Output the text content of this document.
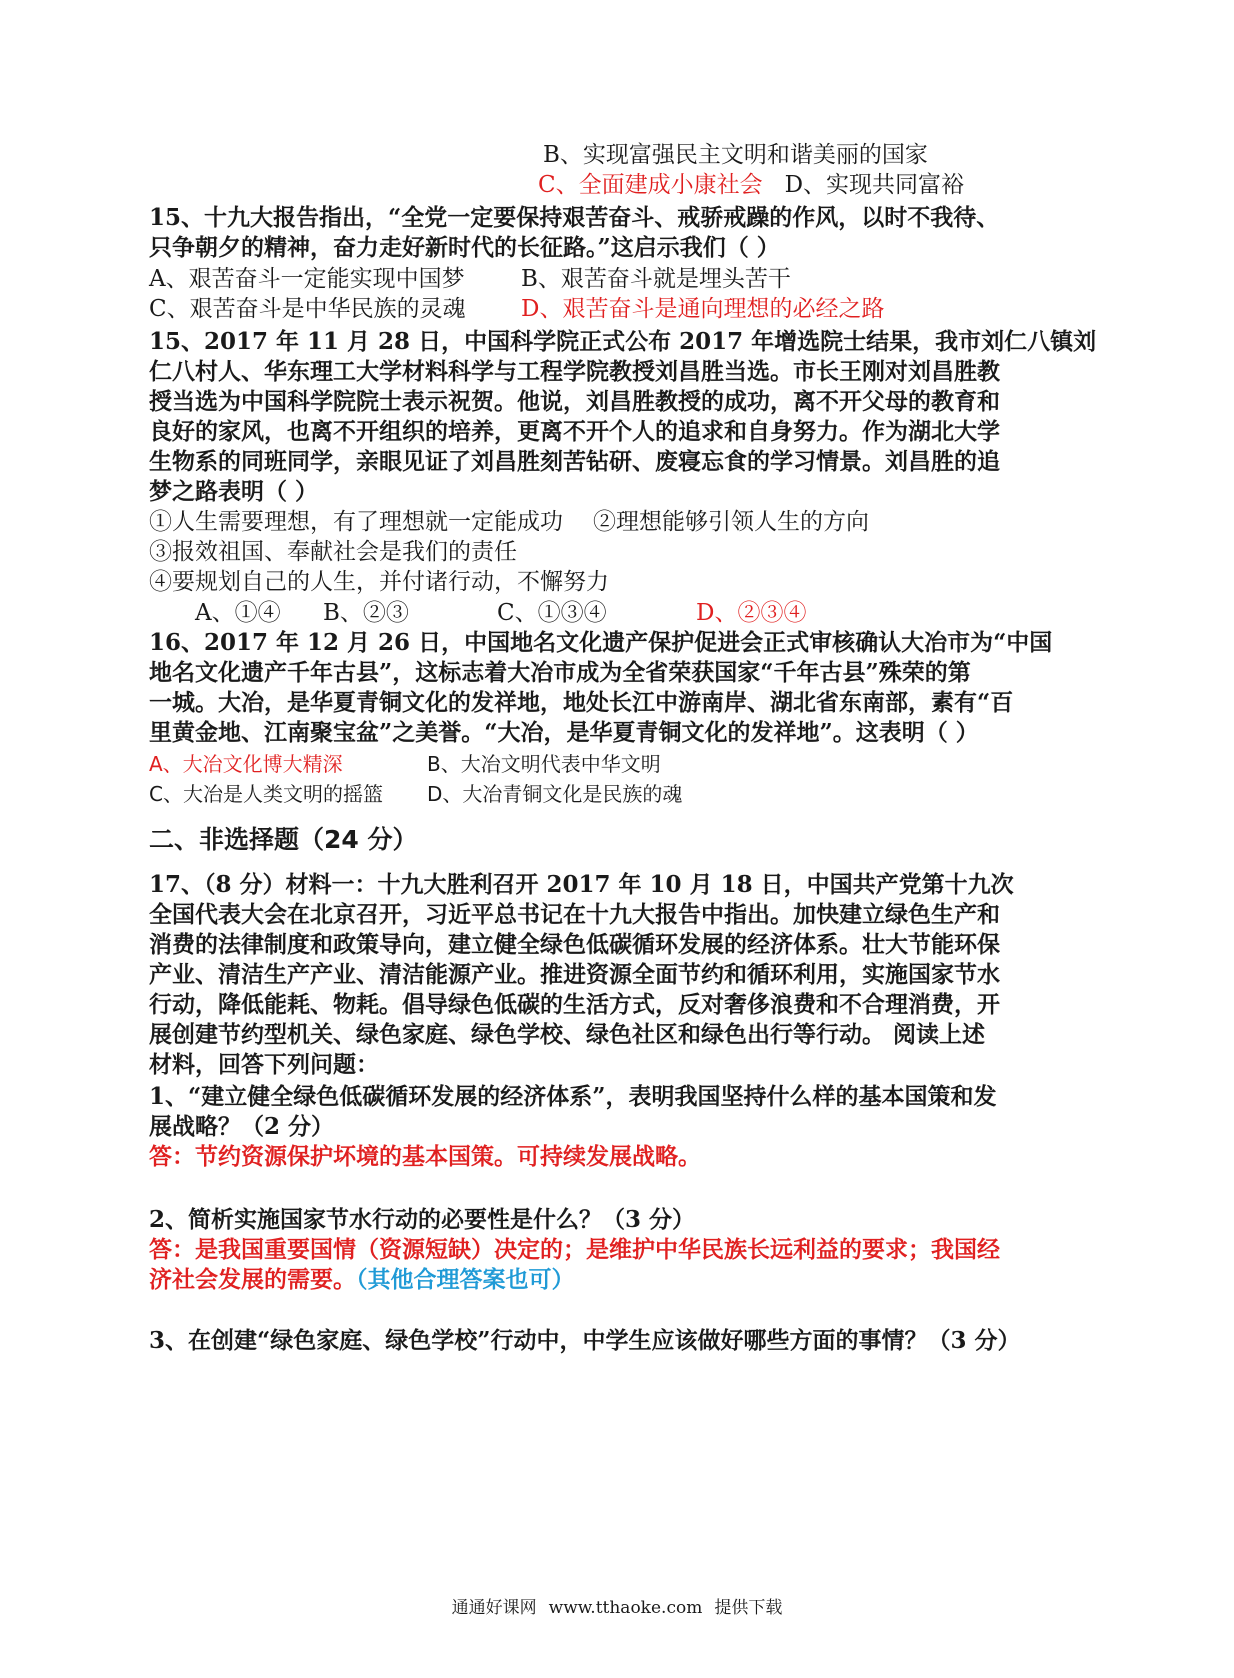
B、实现富强民主文明和谐美丽的国家
C、全面建成小康社会 D、实现共同富裕
15、十九大报告指出，“全党一定要保持艰苦奋斗、戒骄戒躁的作风，以时不我待、
只争朝夕的精神，奋力走好新时代的长征路。”这启示我们（ ）
A、艰苦奋斗一定能实现中国梦 B、艰苦奋斗就是埋头苦干
C、艰苦奋斗是中华民族的灵魂 D、艰苦奋斗是通向理想的必经之路
15、2017 年 11 月 28 日，中国科学院正式公布 2017 年增选院士结果，我市刘仁八镇刘
仁八村人、华东理工大学材料科学与工程学院教授刘昌胜当选。市长王刚对刘昌胜教
授当选为中国科学院院士表示祝贺。他说，刘昌胜教授的成功，离不开父母的教育和
良好的家风，也离不开组织的培养，更离不开个人的追求和自身努力。作为湖北大学
生物系的同班同学，亲眼见证了刘昌胜刻苦钻研、废寝忘食的学习情景。刘昌胜的追
梦之路表明（ ）
①人生需要理想，有了理想就一定能成功 ②理想能够引领人生的方向
③报效祖国、奉献社会是我们的责任
④要规划自己的人生，并付诸行动，不懈努力
A、①④ B、②③	C、①③④	D、②③④
16、2017 年 12 月 26 日，中国地名文化遗产保护促进会正式审核确认大冶市为“中国
地名文化遗产千年古县”，这标志着大冶市成为全省荣获国家“千年古县”殊荣的第
一城。大冶，是华夏青铜文化的发祥地，地处长江中游南岸、湖北省东南部，素有“百
里黄金地、江南聚宝盆”之美誉。“大冶，是华夏青铜文化的发祥地”。这表明（ ）
A、大冶文化博大精深	B、大冶文明代表中华文明
C、大冶是人类文明的摇篮 D、大冶青铜文化是民族的魂
二、非选择题（24 分）
17、（8 分）材料一：十九大胜利召开 2017 年 10 月 18 日，中国共产党第十九次
全国代表大会在北京召开，习近平总书记在十九大报告中指出。加快建立绿色生产和
消费的法律制度和政策导向，建立健全绿色低碳循环发展的经济体系。壮大节能环保
产业、清洁生产产业、清洁能源产业。推进资源全面节约和循环利用，实施国家节水
行动，降低能耗、物耗。倡导绿色低碳的生活方式，反对奢侈浪费和不合理消费，开
展创建节约型机关、绿色家庭、绿色学校、绿色社区和绿色出行等行动。 阅读上述
材料，回答下列问题：
1、“建立健全绿色低碳循环发展的经济体系”，表明我国坚持什么样的基本国策和发
展战略？（2 分）
答：节约资源保护坏境的基本国策。可持续发展战略。
2、简析实施国家节水行动的必要性是什么？（3 分）
答：是我国重要国情（资源短缺）决定的；是维护中华民族长远利益的要求；我国经
济社会发展的需要。（其他合理答案也可）
3、在创建“绿色家庭、绿色学校”行动中，中学生应该做好哪些方面的事情？（3 分）
通通好课网 www.tthaoke.com 提供下载
